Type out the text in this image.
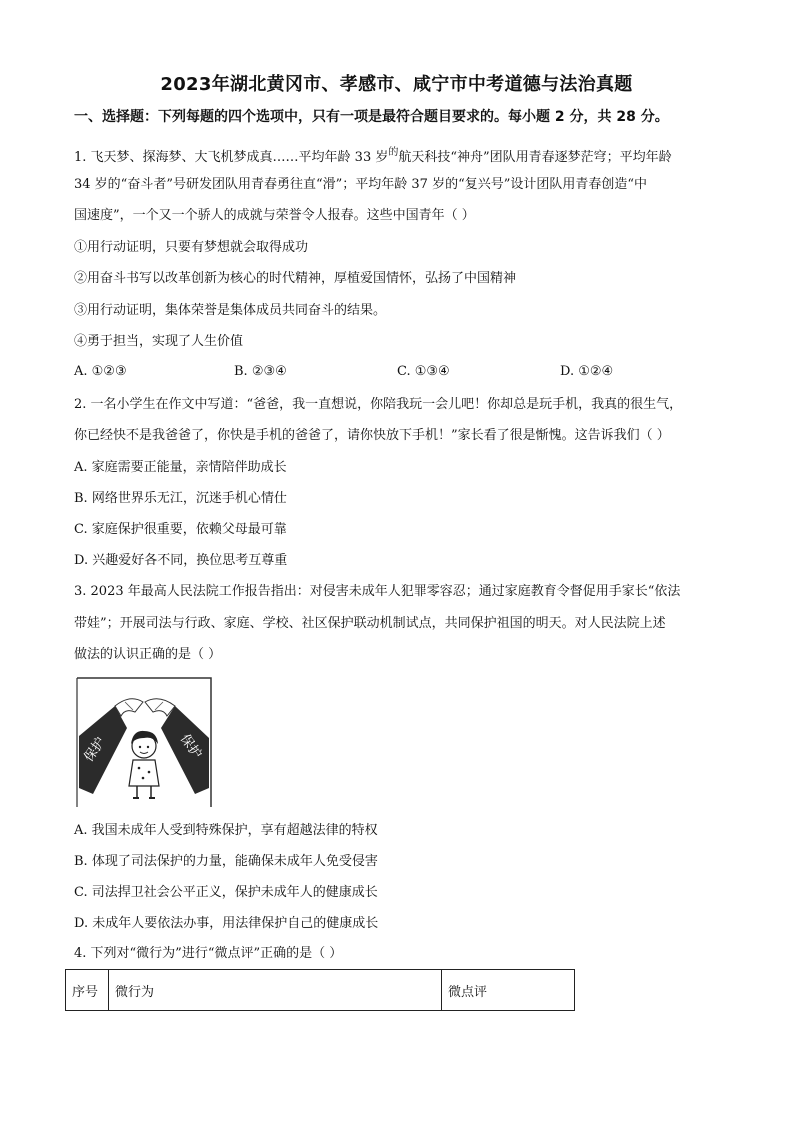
2023年湖北黄冈市、孝感市、咸宁市中考道德与法治真题
一、选择题：下列每题的四个选项中，只有一项是最符合题目要求的。每小题 2 分，共 28 分。
1. 飞天梦、探海梦、大飞机梦成真……平均年龄 33 岁$^的$航天科技“神舟”团队用青春逐梦茫穹；平均年龄
34 岁的“奋斗者”号研发团队用青春勇往直“滑”；平均年龄 37 岁的“复兴号”设计团队用青春创造“中
国速度”，一个又一个骄人的成就与荣誉令人报春。这些中国青年（ ）
①用行动证明，只要有梦想就会取得成功
②用奋斗书写以改革创新为核心的时代精神，厚植爱国情怀，弘扬了中国精神
③用行动证明，集体荣誉是集体成员共同奋斗的结果。
④勇于担当，实现了人生价值
A. ①②③	B. ②③④	C. ①③④	D. ①②④
2. 一名小学生在作文中写道：“爸爸，我一直想说，你陪我玩一会儿吧！你却总是玩手机，我真的很生气，
你已经快不是我爸爸了，你快是手机的爸爸了，请你快放下手机！”家长看了很是惭愧。这告诉我们（ ）
A. 家庭需要正能量，亲情陪伴助成长
B. 网络世界乐无江，沉迷手机心情仕
C. 家庭保护很重要，依赖父母最可靠
D. 兴趣爱好各不同，换位思考互尊重
3. 2023 年最高人民法院工作报告指出：对侵害未成年人犯罪零容忍；通过家庭教育令督促用手家长“依法
带娃”；开展司法与行政、家庭、学校、社区保护联动机制试点，共同保护祖国的明天。对人民法院上述
做法的认识正确的是（ ）
保护	保护
A. 我国未成年人受到特殊保护，享有超越法律的特权
B. 体现了司法保护的力量，能确保未成年人免受侵害
C. 司法捍卫社会公平正义，保护未成年人的健康成长
D. 未成年人要依法办事，用法律保护自己的健康成长
4. 下列对“微行为”进行“微点评”正确的是（ ）
序号	微行为	微点评
